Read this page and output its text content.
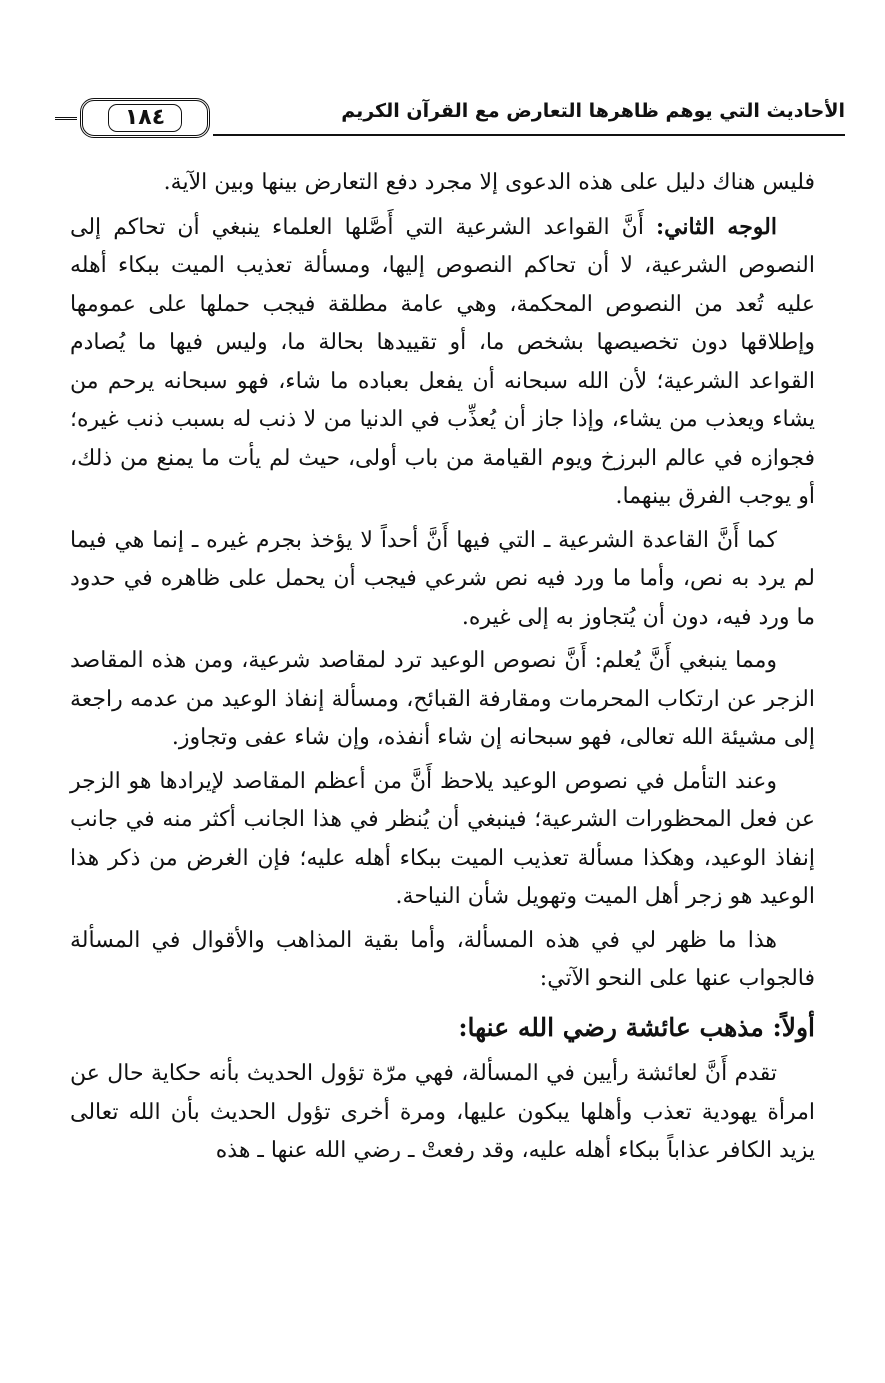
الأحاديث التي يوهم ظاهرها التعارض مع القرآن الكريم
١٨٤

فليس هناك دليل على هذه الدعوى إلا مجرد دفع التعارض بينها وبين الآية.

الوجه الثاني: أَنَّ القواعد الشرعية التي أَصَّلها العلماء ينبغي أن تحاكم إلى النصوص الشرعية، لا أن تحاكم النصوص إليها، ومسألة تعذيب الميت ببكاء أهله عليه تُعد من النصوص المحكمة، وهي عامة مطلقة فيجب حملها على عمومها وإطلاقها دون تخصيصها بشخص ما، أو تقييدها بحالة ما، وليس فيها ما يُصادم القواعد الشرعية؛ لأن الله سبحانه أن يفعل بعباده ما شاء، فهو سبحانه يرحم من يشاء ويعذب من يشاء، وإذا جاز أن يُعذِّب في الدنيا من لا ذنب له بسبب ذنب غيره؛ فجوازه في عالم البرزخ ويوم القيامة من باب أولى، حيث لم يأت ما يمنع من ذلك، أو يوجب الفرق بينهما.

كما أَنَّ القاعدة الشرعية ـ التي فيها أَنَّ أحداً لا يؤخذ بجرم غيره ـ إنما هي فيما لم يرد به نص، وأما ما ورد فيه نص شرعي فيجب أن يحمل على ظاهره في حدود ما ورد فيه، دون أن يُتجاوز به إلى غيره.

ومما ينبغي أَنَّ يُعلم: أَنَّ نصوص الوعيد ترد لمقاصد شرعية، ومن هذه المقاصد الزجر عن ارتكاب المحرمات ومقارفة القبائح، ومسألة إنفاذ الوعيد من عدمه راجعة إلى مشيئة الله تعالى، فهو سبحانه إن شاء أنفذه، وإن شاء عفى وتجاوز.

وعند التأمل في نصوص الوعيد يلاحظ أَنَّ من أعظم المقاصد لإيرادها هو الزجر عن فعل المحظورات الشرعية؛ فينبغي أن يُنظر في هذا الجانب أكثر منه في جانب إنفاذ الوعيد، وهكذا مسألة تعذيب الميت ببكاء أهله عليه؛ فإن الغرض من ذكر هذا الوعيد هو زجر أهل الميت وتهويل شأن النياحة.

هذا ما ظهر لي في هذه المسألة، وأما بقية المذاهب والأقوال في المسألة فالجواب عنها على النحو الآتي:

أولاً: مذهب عائشة رضي الله عنها:

تقدم أَنَّ لعائشة رأيين في المسألة، فهي مرّة تؤول الحديث بأنه حكاية حال عن امرأة يهودية تعذب وأهلها يبكون عليها، ومرة أخرى تؤول الحديث بأن الله تعالى يزيد الكافر عذاباً ببكاء أهله عليه، وقد رفعتْ ـ رضي الله عنها ـ هذه
